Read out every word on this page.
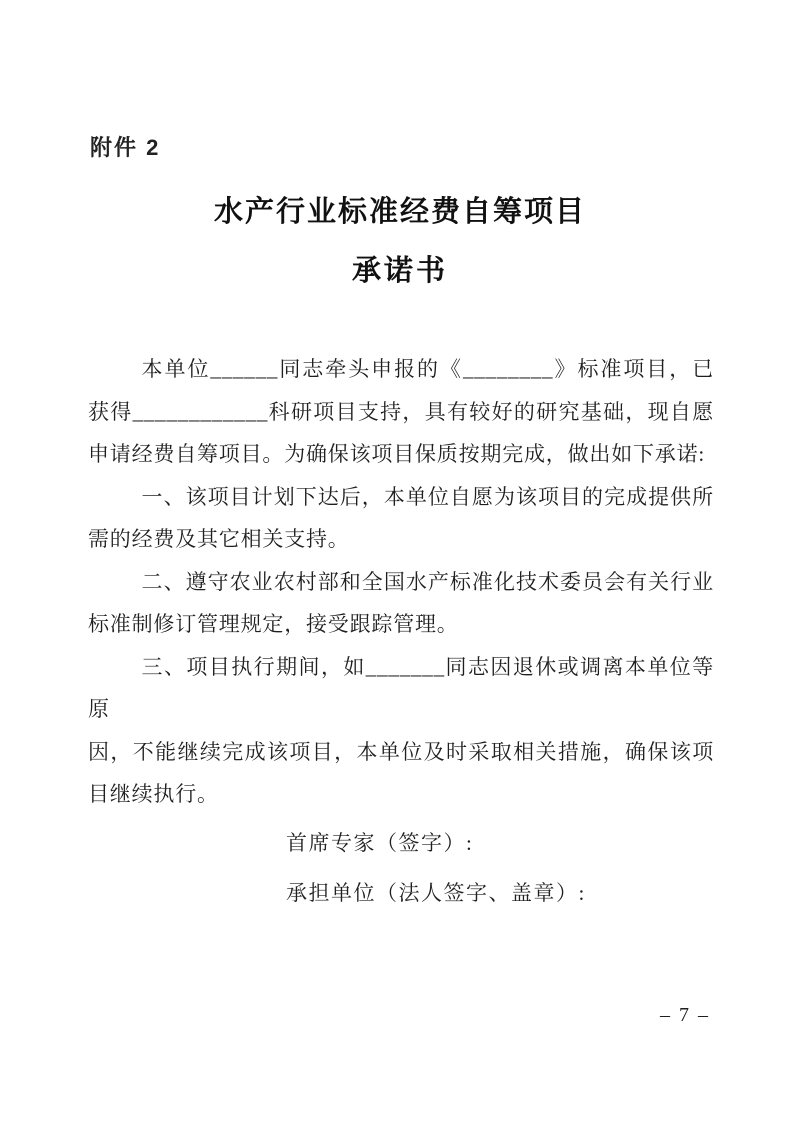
附件 2
水产行业标准经费自筹项目
承诺书

本单位______同志牵头申报的《________》标准项目，已
获得____________科研项目支持，具有较好的研究基础，现自愿
申请经费自筹项目。为确保该项目保质按期完成，做出如下承诺:

一、该项目计划下达后，本单位自愿为该项目的完成提供所
需的经费及其它相关支持。

二、遵守农业农村部和全国水产标准化技术委员会有关行业
标准制修订管理规定，接受跟踪管理。

三、项目执行期间，如_______同志因退休或调离本单位等原
因，不能继续完成该项目，本单位及时采取相关措施，确保该项
目继续执行。

首席专家（签字）:
承担单位（法人签字、盖章）:
– 7 –
